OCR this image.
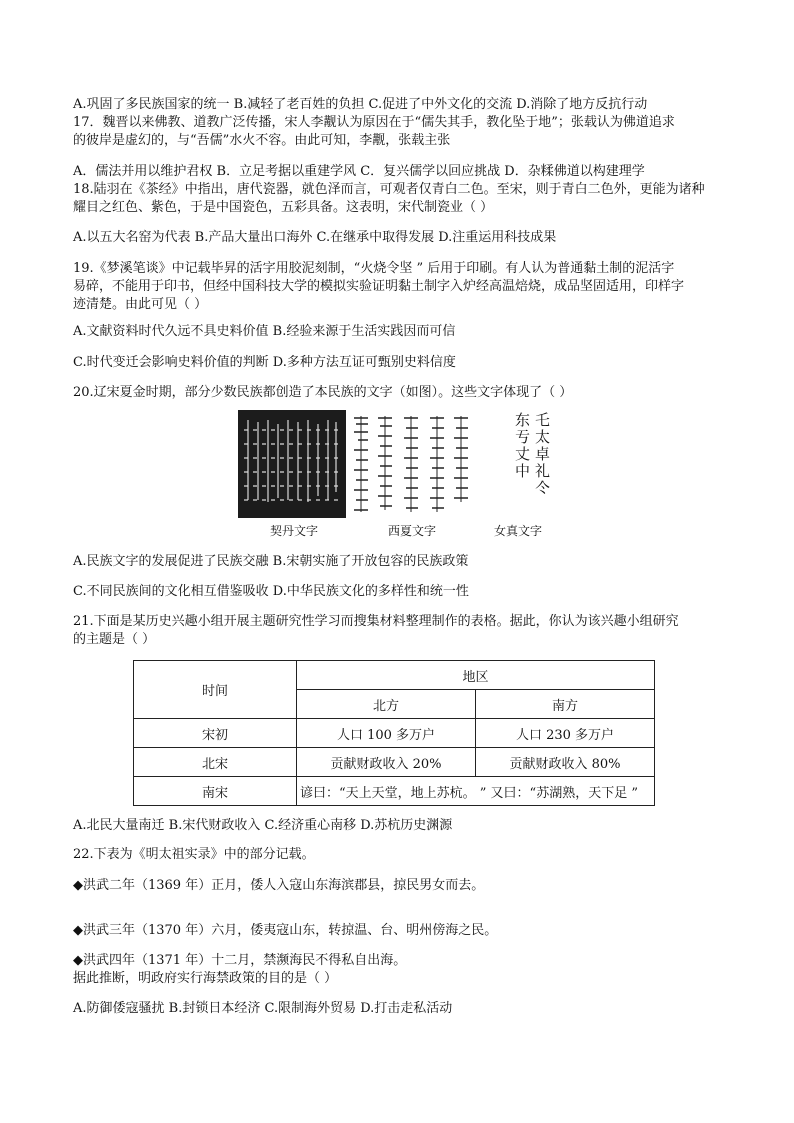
A.巩固了多民族国家的统一 B.减轻了老百姓的负担 C.促进了中外文化的交流 D.消除了地方反抗行动
17．魏晋以来佛教、道教广泛传播，宋人李觏认为原因在于“儒失其手，教化坠于地”；张载认为佛道追求
的彼岸是虚幻的，与“吾儒”水火不容。由此可知，李觏，张载主张
A．儒法并用以维护君权 B．立足考据以重建学风 C．复兴儒学以回应挑战 D．杂糅佛道以构建理学
18.陆羽在《茶经》中指出，唐代瓷器，就色泽而言，可观者仅青白二色。至宋，则于青白二色外，更能为诸种
耀目之红色、紫色，于是中国瓷色，五彩具备。这表明，宋代制瓷业（ ）
A.以五大名窑为代表 B.产品大量出口海外 C.在继承中取得发展 D.注重运用科技成果
19.《梦溪笔谈》中记载毕昇的活字用胶泥刻制，“火烧令坚 ” 后用于印刷。有人认为普通黏土制的泥活字
易碎，不能用于印书，但经中国科技大学的模拟实验证明黏土制字入炉经高温焙烧，成品坚固适用，印样字
迹清楚。由此可见（ ）
A.文献资料时代久远不具史料价值 B.经验来源于生活实践因而可信
C.时代变迁会影响史料价值的判断 D.多种方法互证可甄别史料信度
20.辽宋夏金时期，部分少数民族都创造了本民族的文字（如图）。这些文字体现了（ ）
乇太卓礼仒 东亐丈中
契丹文字	西夏文字	女真文字
A.民族文字的发展促进了民族交融 B.宋朝实施了开放包容的民族政策
C.不同民族间的文化相互借鉴吸收 D.中华民族文化的多样性和统一性
21.下面是某历史兴趣小组开展主题研究性学习而搜集材料整理制作的表格。据此，你认为该兴趣小组研究
的主题是（ ）
时间	地区	
	北方	南方
宋初	人口 100 多万户	人口 230 多万户
北宋	贡献财政收入 20%	贡献财政收入 80%
南宋	谚曰：“天上天堂，地上苏杭。 ” 又曰：“苏湖熟，天下足 ”	
A.北民大量南迁 B.宋代财政收入 C.经济重心南移 D.苏杭历史渊源
22.下表为《明太祖实录》中的部分记载。
◆洪武二年（1369 年）正月，倭人入寇山东海滨郡县，掠民男女而去。
◆洪武三年（1370 年）六月，倭夷寇山东，转掠温、台、明州傍海之民。
◆洪武四年（1371 年）十二月，禁濒海民不得私自出海。
据此推断，明政府实行海禁政策的目的是（ ）
A.防御倭寇骚扰 B.封锁日本经济 C.限制海外贸易 D.打击走私活动
